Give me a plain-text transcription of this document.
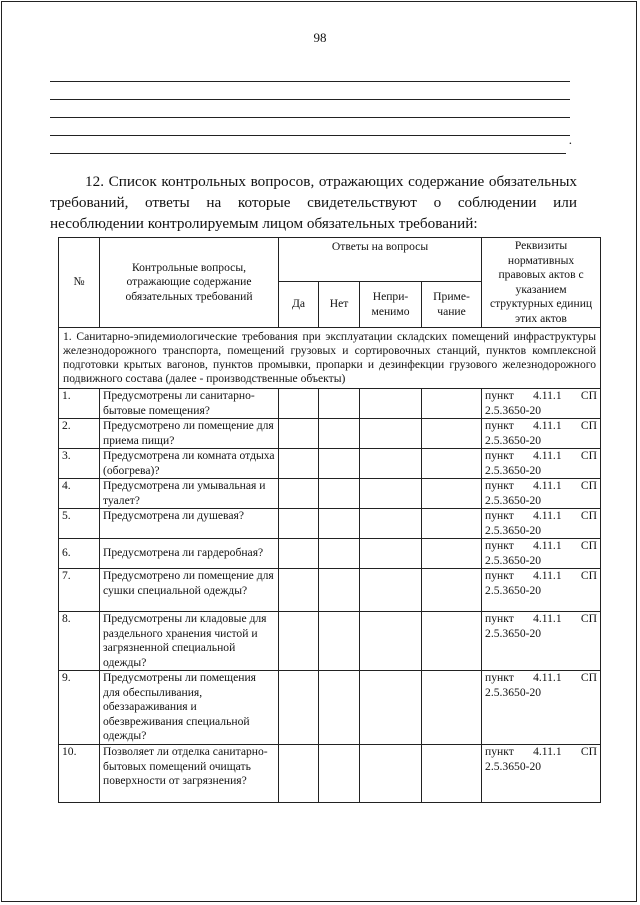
98
.
12. Список контрольных вопросов, отражающих содержание обязательных требований, ответы на которые свидетельствуют о соблюдении или несоблюдении контролируемым лицом обязательных требований:
№	Контрольные вопросы, отражающие содержание обязательных требований	Ответы на вопросы				Реквизиты нормативных правовых актов с указанием структурных единиц этих актов
		Да	Нет	Непри-менимо	Приме-чание	
1. Санитарно-эпидемиологические требования при эксплуатации складских помещений инфраструктуры железнодорожного транспорта, помещений грузовых и сортировочных станций, пунктов комплексной подготовки крытых вагонов, пунктов промывки, пропарки и дезинфекции грузового железнодорожного подвижного состава (далее - производственные объекты)						
1.	Предусмотрены ли санитарно-бытовые помещения?					пункт 4.11.1 СП
2.5.3650-20

2.	Предусмотрено ли помещение для приема пищи?					пункт 4.11.1 СП
2.5.3650-20

3.	Предусмотрена ли комната отдыха (обогрева)?					пункт 4.11.1 СП
2.5.3650-20

4.	Предусмотрена ли умывальная и туалет?					пункт 4.11.1 СП
2.5.3650-20

5.	Предусмотрена ли душевая?					пункт 4.11.1 СП
2.5.3650-20

6.	Предусмотрена ли гардеробная?					пункт 4.11.1 СП
2.5.3650-20

7.	Предусмотрено ли помещение для сушки специальной одежды?					пункт 4.11.1 СП
2.5.3650-20

8.	Предусмотрены ли кладовые для раздельного хранения чистой и загрязненной специальной одежды?					пункт 4.11.1 СП
2.5.3650-20

9.	Предусмотрены ли помещения для обеспыливания, обеззараживания и обезвреживания специальной одежды?					пункт 4.11.1 СП
2.5.3650-20

10.	Позволяет ли отделка санитарно-бытовых помещений очищать поверхности от загрязнения?					пункт 4.11.1 СП
2.5.3650-20
